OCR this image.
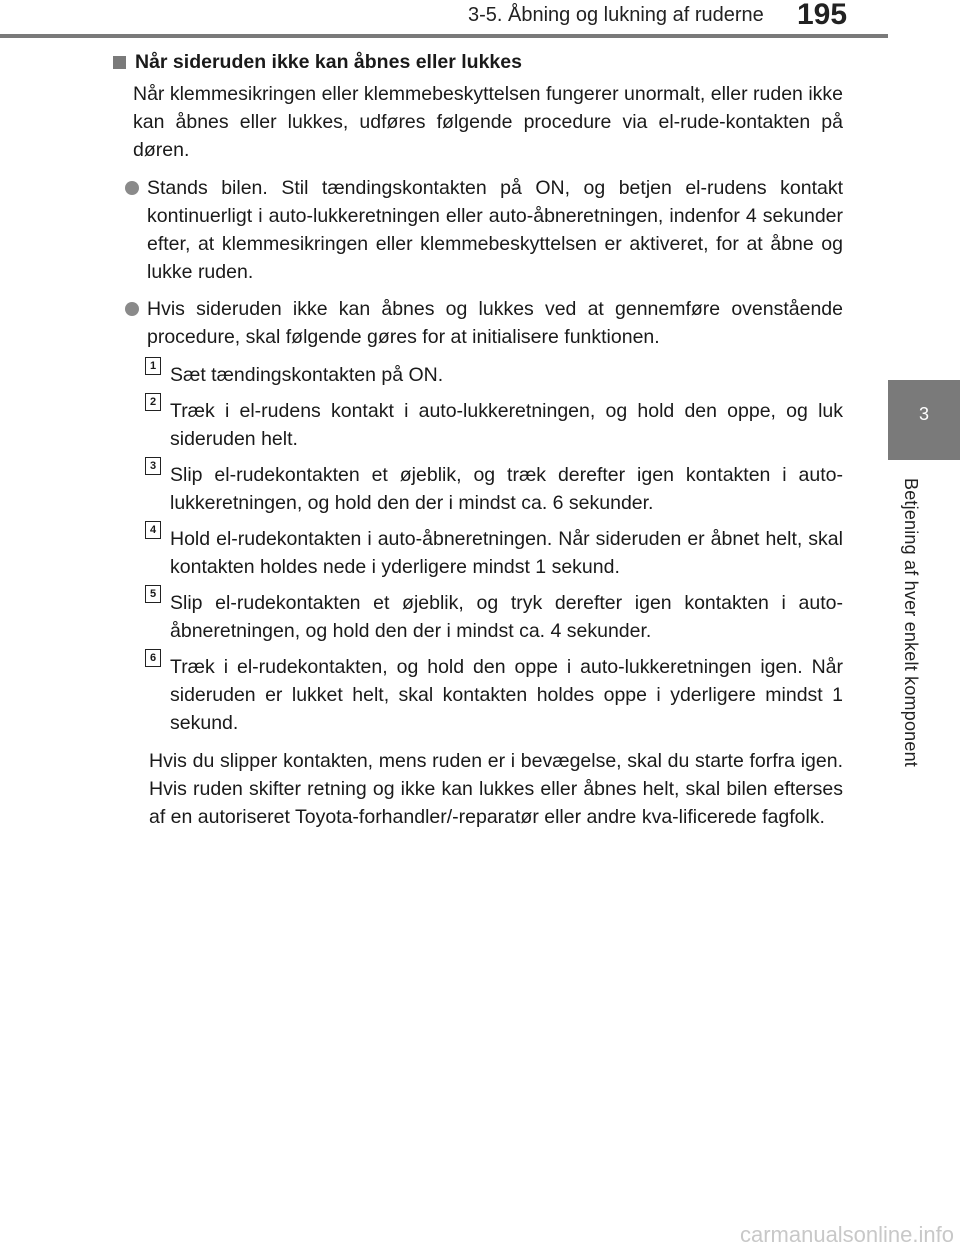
3-5. Åbning og lukning af ruderne 195
3
Betjening af hver enkelt komponent
Når sideruden ikke kan åbnes eller lukkes
Når klemmesikringen eller klemmebeskyttelsen fungerer unormalt, eller ruden ikke kan åbnes eller lukkes, udføres følgende procedure via el-rude-kontakten på døren.
Stands bilen. Stil tændingskontakten på ON, og betjen el-rudens kontakt kontinuerligt i auto-lukkeretningen eller auto-åbneretningen, indenfor 4 sekunder efter, at klemmesikringen eller klemmebeskyttelsen er aktiveret, for at åbne og lukke ruden.
Hvis sideruden ikke kan åbnes og lukkes ved at gennemføre ovenstående procedure, skal følgende gøres for at initialisere funktionen.
1 Sæt tændingskontakten på ON.
2 Træk i el-rudens kontakt i auto-lukkeretningen, og hold den oppe, og luk sideruden helt.
3 Slip el-rudekontakten et øjeblik, og træk derefter igen kontakten i auto-lukkeretningen, og hold den der i mindst ca. 6 sekunder.
4 Hold el-rudekontakten i auto-åbneretningen. Når sideruden er åbnet helt, skal kontakten holdes nede i yderligere mindst 1 sekund.
5 Slip el-rudekontakten et øjeblik, og tryk derefter igen kontakten i auto-åbneretningen, og hold den der i mindst ca. 4 sekunder.
6 Træk i el-rudekontakten, og hold den oppe i auto-lukkeretningen igen. Når sideruden er lukket helt, skal kontakten holdes oppe i yderligere mindst 1 sekund.
Hvis du slipper kontakten, mens ruden er i bevægelse, skal du starte forfra igen. Hvis ruden skifter retning og ikke kan lukkes eller åbnes helt, skal bilen efterses af en autoriseret Toyota-forhandler/-reparatør eller andre kva-lificerede fagfolk.
carmanualsonline.info
